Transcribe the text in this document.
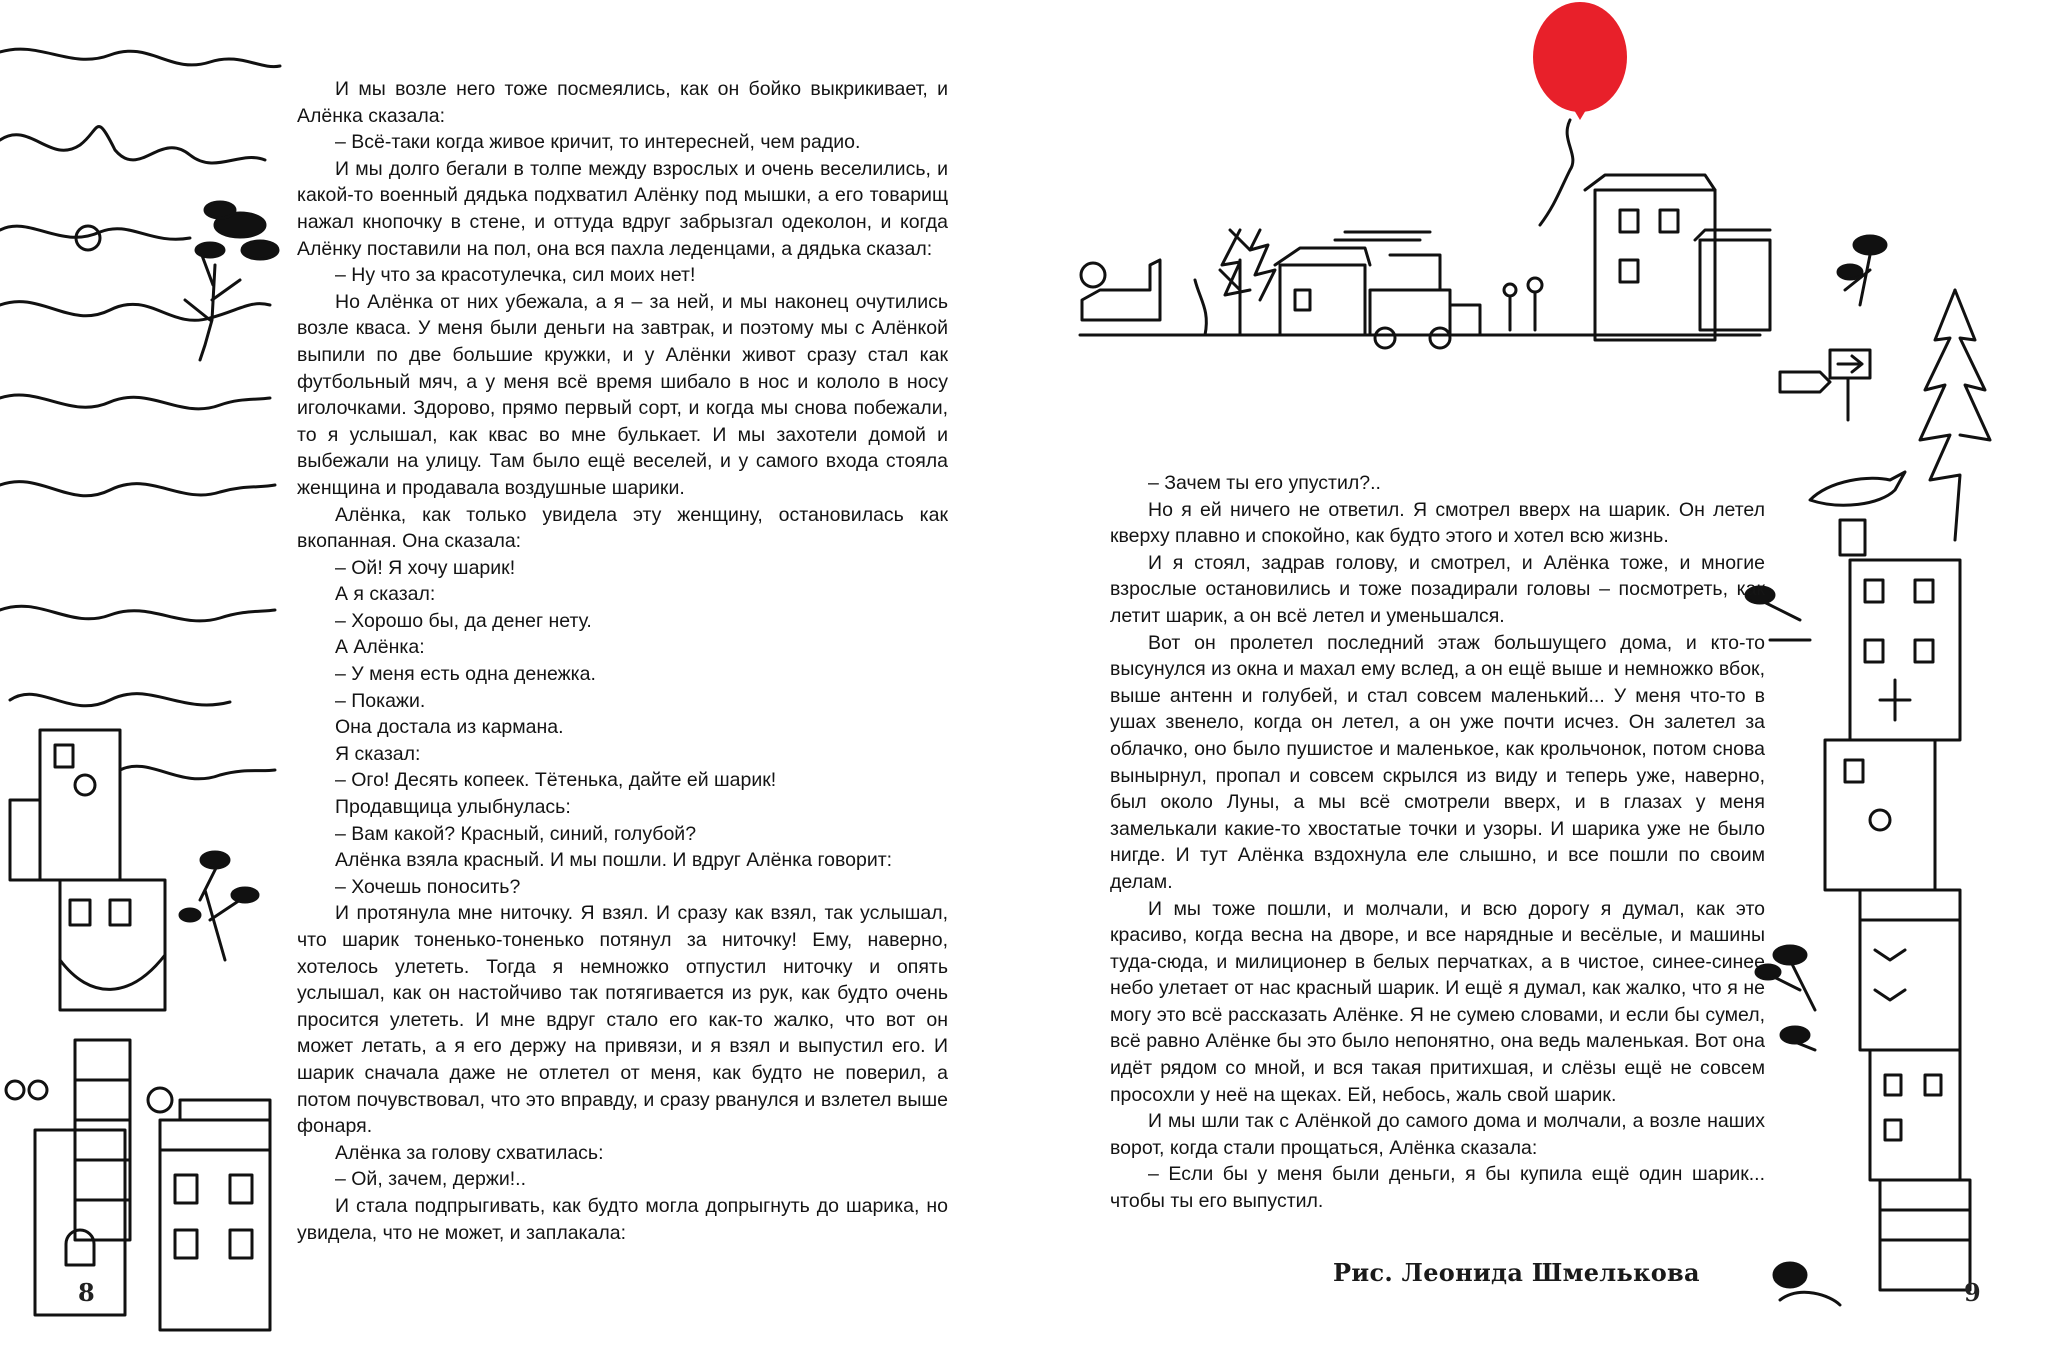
И мы возле него тоже посмеялись, как он бойко выкрикивает, и Алёнка сказала:

– Всё-таки когда живое кричит, то интересней, чем радио.

И мы долго бегали в толпе между взрослых и очень веселились, и какой-то военный дядька подхватил Алёнку под мышки, а его товарищ нажал кнопочку в стене, и оттуда вдруг забрызгал одеколон, и когда Алёнку поставили на пол, она вся пахла леденцами, а дядька сказал:

– Ну что за красотулечка, сил моих нет!

Но Алёнка от них убежала, а я – за ней, и мы наконец очутились возле кваса. У меня были деньги на завтрак, и поэтому мы с Алёнкой выпили по две большие кружки, и у Алёнки живот сразу стал как футбольный мяч, а у меня всё время шибало в нос и кололо в носу иголочками. Здорово, прямо первый сорт, и когда мы снова побежали, то я услышал, как квас во мне булькает. И мы захотели домой и выбежали на улицу. Там было ещё веселей, и у самого входа стояла женщина и продавала воздушные шарики.

Алёнка, как только увидела эту женщину, остановилась как вкопанная. Она сказала:

– Ой! Я хочу шарик!

А я сказал:

– Хорошо бы, да денег нету.

А Алёнка:

– У меня есть одна денежка.

– Покажи.

Она достала из кармана.

Я сказал:

– Ого! Десять копеек. Тётенька, дайте ей шарик!

Продавщица улыбнулась:

– Вам какой? Красный, синий, голубой?

Алёнка взяла красный. И мы пошли. И вдруг Алёнка говорит:

– Хочешь поносить?

И протянула мне ниточку. Я взял. И сразу как взял, так услышал, что шарик тоненько-тоненько потянул за ниточку! Ему, наверно, хотелось улететь. Тогда я немножко отпустил ниточку и опять услышал, как он настойчиво так потягивается из рук, как будто очень просится улететь. И мне вдруг стало его как-то жалко, что вот он может летать, а я его держу на привязи, и я взял и выпустил его. И шарик сначала даже не отлетел от меня, как будто не поверил, а потом почувствовал, что это вправду, и сразу рванулся и взлетел выше фонаря.

Алёнка за голову схватилась:

– Ой, зачем, держи!..

И стала подпрыгивать, как будто могла допрыгнуть до шарика, но увидела, что не может, и заплакала:

– Зачем ты его упустил?..

Но я ей ничего не ответил. Я смотрел вверх на шарик. Он летел кверху плавно и спокойно, как будто этого и хотел всю жизнь.

И я стоял, задрав голову, и смотрел, и Алёнка тоже, и многие взрослые остановились и тоже позадирали головы – посмотреть, как летит шарик, а он всё летел и уменьшался.

Вот он пролетел последний этаж большущего дома, и кто-то высунулся из окна и махал ему вслед, а он ещё выше и немножко вбок, выше антенн и голубей, и стал совсем маленький... У меня что-то в ушах звенело, когда он летел, а он уже почти исчез. Он залетел за облачко, оно было пушистое и маленькое, как крольчонок, потом снова вынырнул, пропал и совсем скрылся из виду и теперь уже, наверно, был около Луны, а мы всё смотрели вверх, и в глазах у меня замелькали какие-то хвостатые точки и узоры. И шарика уже не было нигде. И тут Алёнка вздохнула еле слышно, и все пошли по своим делам.

И мы тоже пошли, и молчали, и всю дорогу я думал, как это красиво, когда весна на дворе, и все нарядные и весёлые, и машины туда-сюда, и милиционер в белых перчатках, а в чистое, синее-синее небо улетает от нас красный шарик. И ещё я думал, как жалко, что я не могу это всё рассказать Алёнке. Я не сумею словами, и если бы сумел, всё равно Алёнке бы это было непонятно, она ведь маленькая. Вот она идёт рядом со мной, и вся такая притихшая, и слёзы ещё не совсем просохли у неё на щеках. Ей, небось, жаль свой шарик.

И мы шли так с Алёнкой до самого дома и молчали, а возле наших ворот, когда стали прощаться, Алёнка сказала:

– Если бы у меня были деньги, я бы купила ещё один шарик... чтобы ты его выпустил.

8	9
Рис. Леонида Шмелькова
